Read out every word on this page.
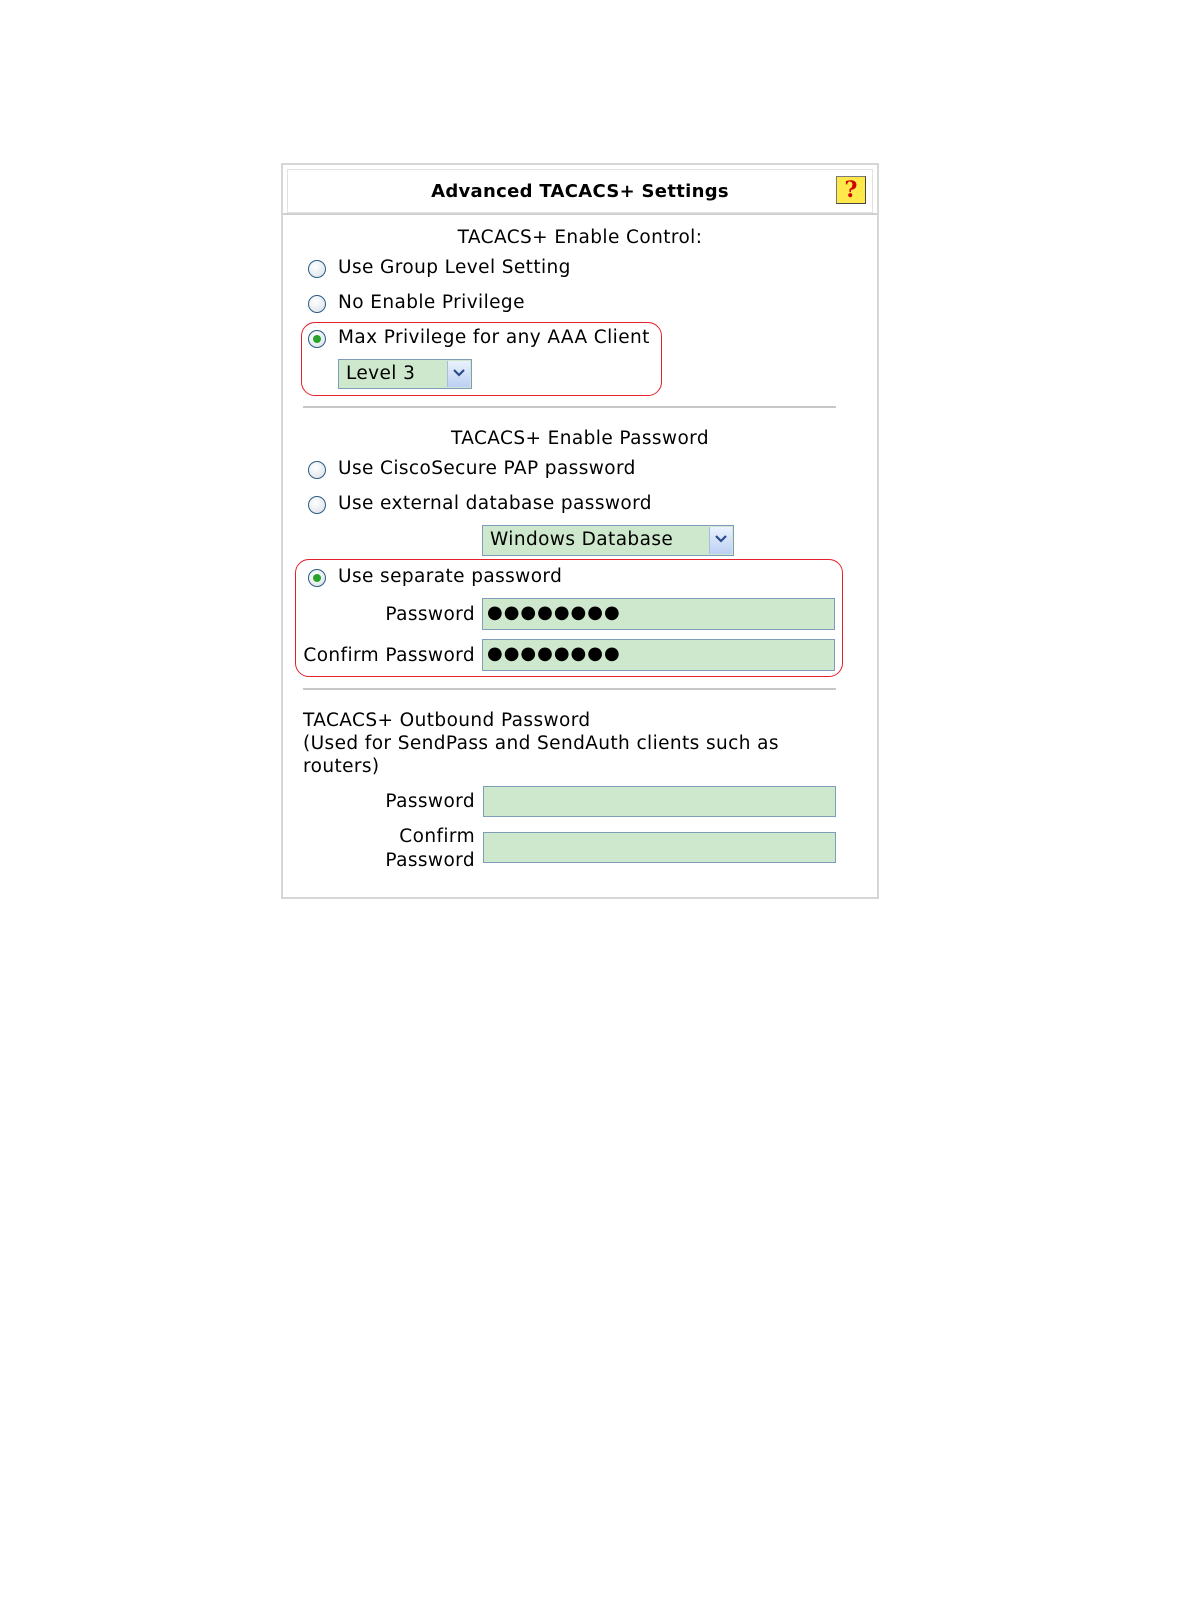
Advanced TACACS+ Settings	?
TACACS+ Enable Control:
Use Group Level Setting
No Enable Privilege
Max Privilege for any AAA Client
Level 3
TACACS+ Enable Password
Use CiscoSecure PAP password
Use external database password
Windows Database
Use separate password
Password ●●●●●●●●
Confirm Password ●●●●●●●●
TACACS+ Outbound Password
(Used for SendPass and SendAuth clients such as
routers)
Password
Confirm
Password
